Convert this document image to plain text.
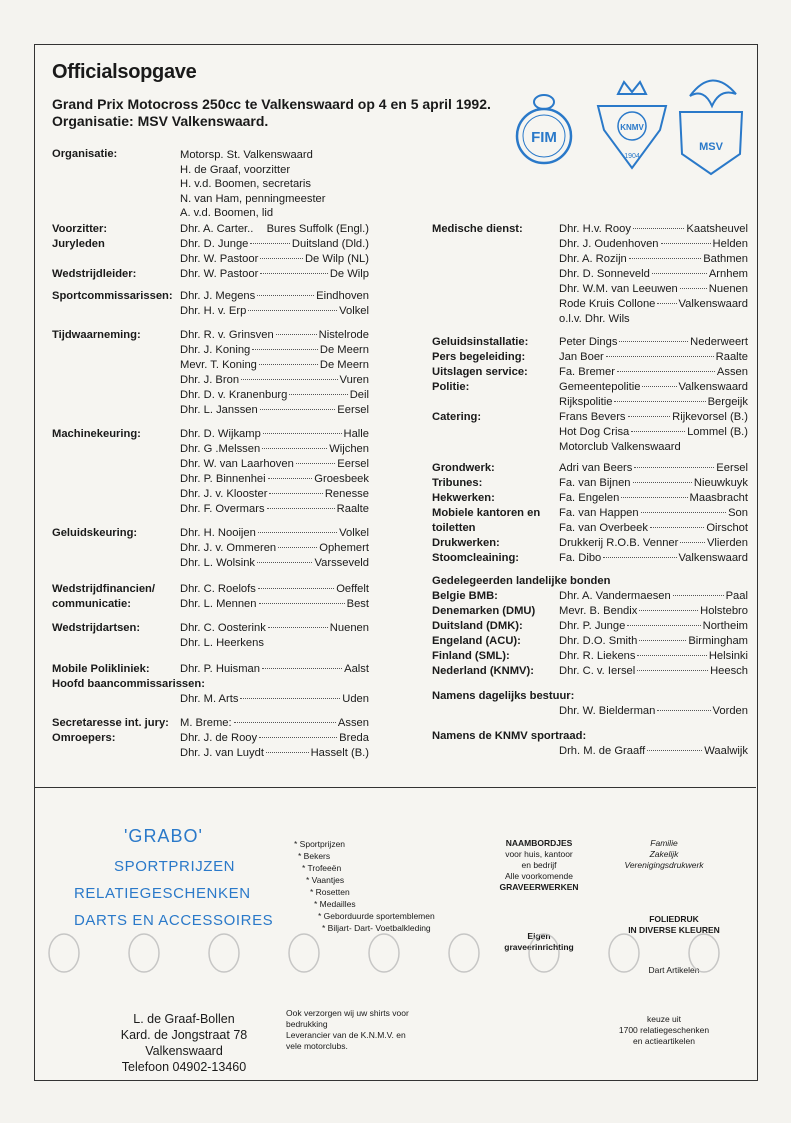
Officialsopgave
Grand Prix Motocross 250cc te Valkenswaard op 4 en 5 april 1992.
Organisatie: MSV Valkenswaard.
FIM
KNMV
1904
MSV
Organisatie:	Motorsp. St. Valkenswaard
H. de Graaf, voorzitter
H. v.d. Boomen, secretaris
N. van Ham, penningmeester
A. v.d. Boomen, lid
'GRABO'
SPORTPRIJZEN
RELATIEGESCHENKEN
DARTS EN ACCESSOIRES
L. de Graaf-Bollen
Kard. de Jongstraat 78
Valkenswaard
Telefoon 04902-13460
* Sportprijzen
* Bekers
* Trofeeën
* Vaantjes
* Rosetten
* Medailles
* Geborduurde sportemblemen
* Biljart- Dart- Voetbalkleding
Ook verzorgen wij uw shirts voor
bedrukking
Leverancier van de K.N.M.V. en
vele motorclubs.
NAAMBORDJES
voor huis, kantoor
en bedrijf
Alle voorkomende
GRAVEERWERKEN
Eigen
graveerinrichting
Familie
Zakelijk
Verenigingsdrukwerk
FOLIEDRUK
IN DIVERSE KLEUREN
Dart Artikelen
keuze uit
1700 relatiegeschenken
en actieartikelen
Voorzitter:	Dhr. A. Carter.. Bures Suffolk (Engl.)
Juryleden	Dhr. D. Junge	Duitsland (Dld.)
Dhr. W. Pastoor	De Wilp (NL)
Wedstrijdleider:	Dhr. W. Pastoor	De Wilp
Sportcommissarissen: Dhr. J. Megens	Eindhoven
Dhr. H. v. Erp	Volkel
Tijdwaarneming:	Dhr. R. v. Grinsven	Nistelrode
Dhr. J. Koning	De Meern
Mevr. T. Koning	De Meern
Dhr. J. Bron	Vuren
Dhr. D. v. Kranenburg	Deil
Dhr. L. Janssen	Eersel
Machinekeuring:	Dhr. D. Wijkamp	Halle
Dhr. G .Melssen	Wijchen
Dhr. W. van Laarhoven	Eersel
Dhr. P. Binnenhei	Groesbeek
Dhr. J. v. Klooster	Renesse
Dhr. F. Overmars	Raalte
Geluidskeuring:	Dhr. H. Nooijen	Volkel
Dhr. J. v. Ommeren	Ophemert
Dhr. L. Wolsink	Varsseveld
Wedstrijdfinancien/ Dhr. C. Roelofs	Oeffelt
communicatie:	Dhr. L. Mennen	Best
Wedstrijdartsen:	Dhr. C. Oosterink	Nuenen
Dhr. L. Heerkens
Mobile Polikliniek:	Dhr. P. Huisman	Aalst
Hoofd baancommissarissen:
Dhr. M. Arts	Uden
Secretaresse int. jury: M. Breme:	Assen
Omroepers:	Dhr. J. de Rooy	Breda
Dhr. J. van Luydt	Hasselt (B.)
Medische dienst:	Dhr. H.v. Rooy	Kaatsheuvel
Dhr. J. Oudenhoven	Helden
Dhr. A. Rozijn	Bathmen
Dhr. D. Sonneveld	Arnhem
Dhr. W.M. van Leeuwen	Nuenen
Rode Kruis Collone Valkenswaard
o.l.v. Dhr. Wils
Geluidsinstallatie:	Peter Dings	Nederweert
Pers begeleiding:	Jan Boer	Raalte
Uitslagen service:	Fa. Bremer	Assen
Politie:	Gemeentepolitie	Valkenswaard
Rijkspolitie	Bergeijk
Catering:	Frans Bevers	Rijkevorsel (B.)
Hot Dog Crisa	Lommel (B.)
Motorclub Valkenswaard
Grondwerk:	Adri van Beers	Eersel
Tribunes:	Fa. van Bijnen	Nieuwkuyk
Hekwerken:	Fa. Engelen	Maasbracht
Mobiele kantoren en Fa. van Happen	Son
toiletten	Fa. van Overbeek	Oirschot
Drukwerken:	Drukkerij R.O.B. Venner	Vlierden
Stoomcleaining:	Fa. Dibo	Valkenswaard
Gedelegeerden landelijke bonden
Belgie BMB:	Dhr. A. Vandermaesen	Paal
Denemarken (DMU) Mevr. B. Bendix	Holstebro
Duitsland (DMK):	Dhr. P. Junge	Northeim
Engeland (ACU):	Dhr. D.O. Smith	Birmingham
Finland (SML):	Dhr. R. Liekens	Helsinki
Nederland (KNMV): Dhr. C. v. Iersel	Heesch
Namens dagelijks bestuur:
Dhr. W. Bielderman	Vorden
Namens de KNMV sportraad:
Drh. M. de Graaff	Waalwijk
